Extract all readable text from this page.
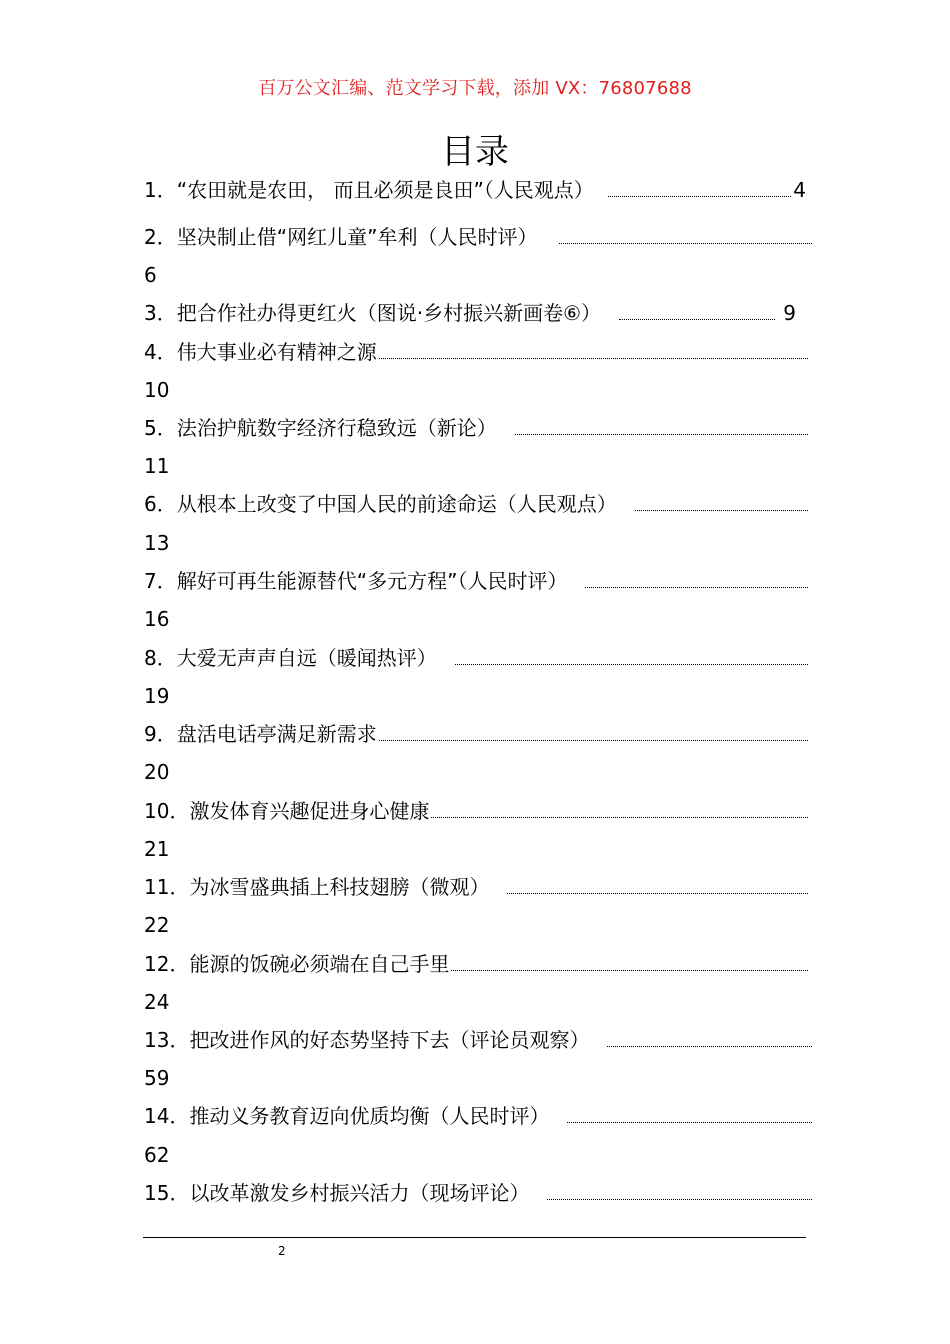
百万公文汇编、范文学习下载，添加 VX：76807688
目录
1．“农田就是农田， 而且必须是良田”（人民观点）	4
2．坚决制止借“网红儿童”牟利（人民时评）
6
3．把合作社办得更红火（图说·乡村振兴新画卷⑥）	9
4．伟大事业必有精神之源
10
5．法治护航数字经济行稳致远（新论）
11
6．从根本上改变了中国人民的前途命运（人民观点）
13
7．解好可再生能源替代“多元方程”（人民时评）
16
8．大爱无声声自远（暖闻热评）
19
9．盘活电话亭满足新需求
20
10．激发体育兴趣促进身心健康
21
11．为冰雪盛典插上科技翅膀（微观）
22
12．能源的饭碗必须端在自己手里
24
13．把改进作风的好态势坚持下去（评论员观察）
59
14．推动义务教育迈向优质均衡（人民时评）
62
15．以改革激发乡村振兴活力（现场评论）
2
